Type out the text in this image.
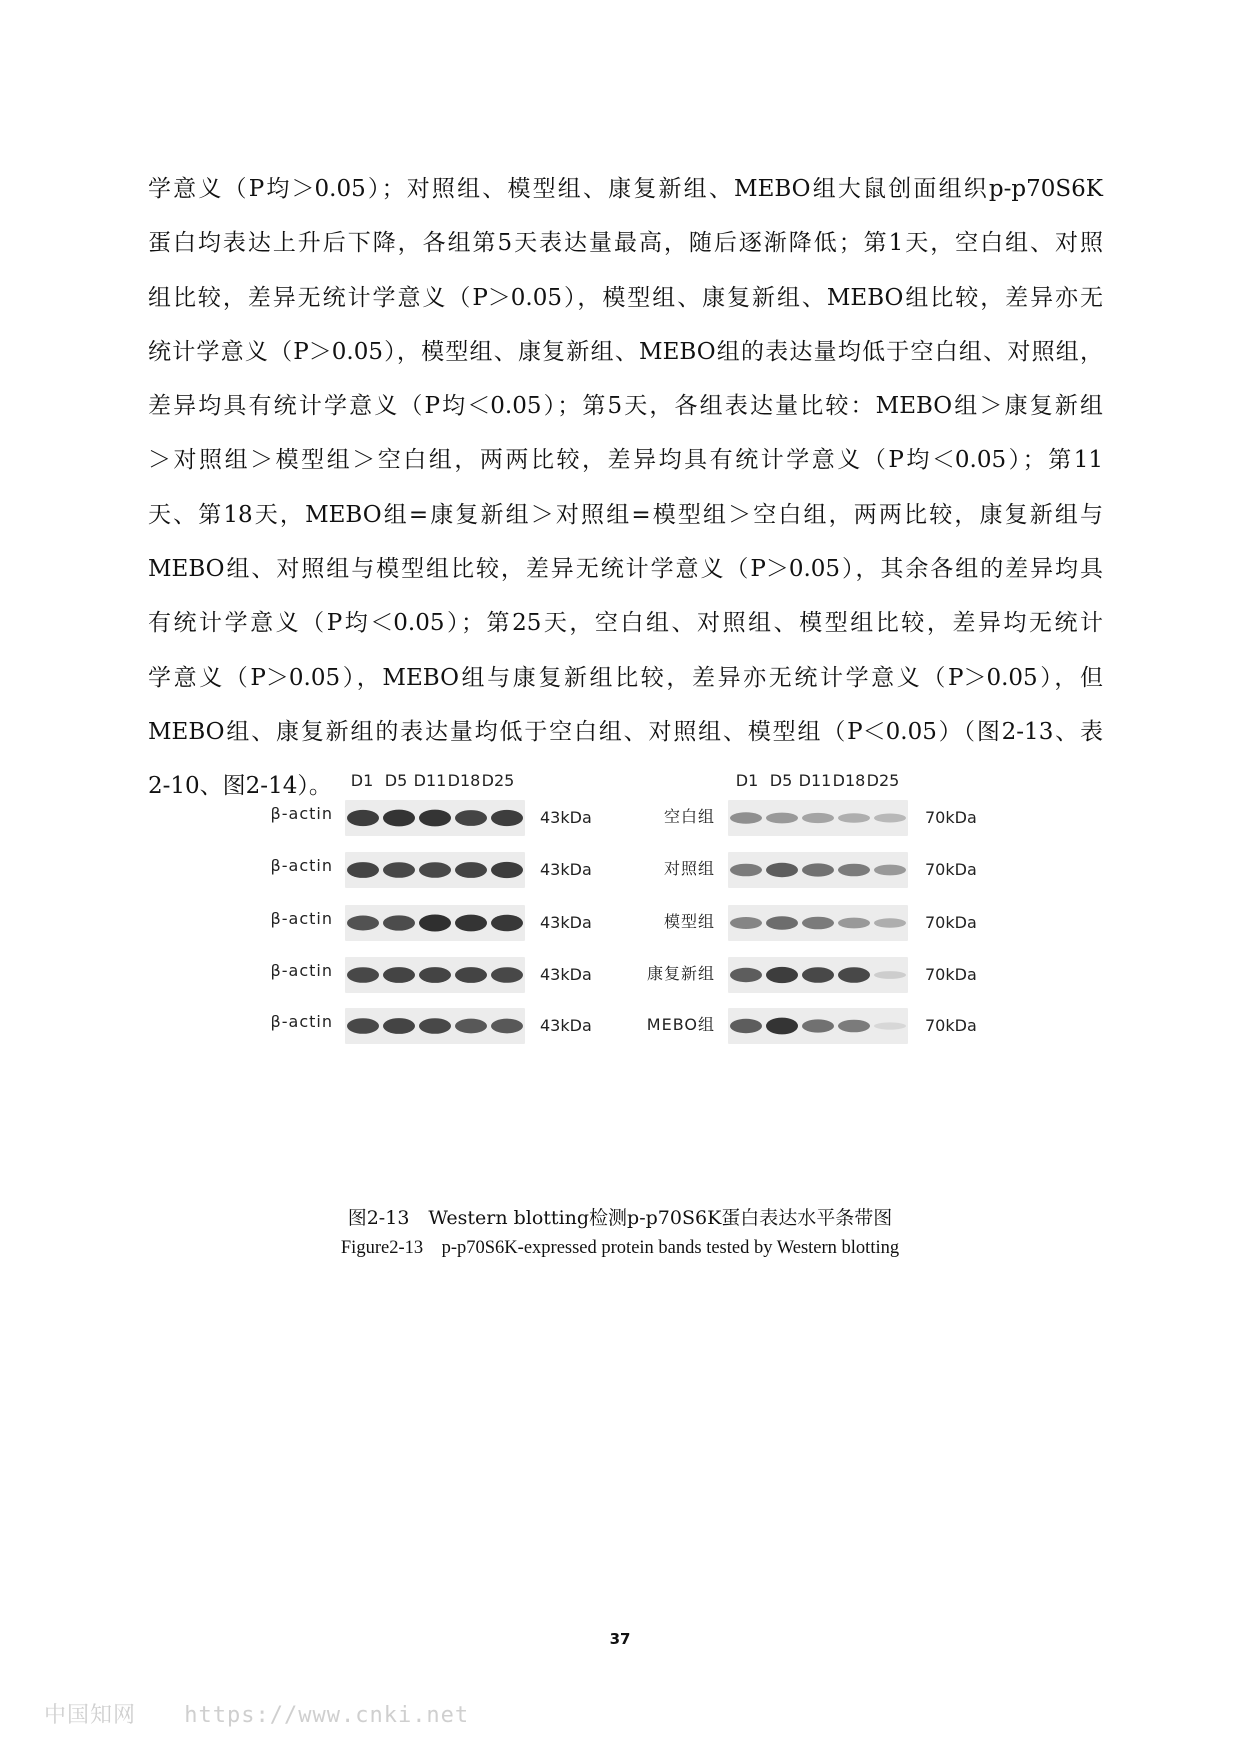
学意义（P均＞0.05）；对照组、模型组、康复新组、MEBO组大鼠创面组织p-p70S6K
蛋白均表达上升后下降，各组第5天表达量最高，随后逐渐降低；第1天，空白组、对照
组比较，差异无统计学意义（P＞0.05），模型组、康复新组、MEBO组比较，差异亦无
统计学意义（P＞0.05），模型组、康复新组、MEBO组的表达量均低于空白组、对照组，
差异均具有统计学意义（P均＜0.05）；第5天，各组表达量比较：MEBO组＞康复新组
＞对照组＞模型组＞空白组，两两比较，差异均具有统计学意义（P均＜0.05）；第11
天、第18天，MEBO组=康复新组＞对照组=模型组＞空白组，两两比较，康复新组与
MEBO组、对照组与模型组比较，差异无统计学意义（P＞0.05），其余各组的差异均具
有统计学意义（P均＜0.05）；第25天，空白组、对照组、模型组比较，差异均无统计
学意义（P＞0.05），MEBO组与康复新组比较，差异亦无统计学意义（P＞0.05），但
MEBO组、康复新组的表达量均低于空白组、对照组、模型组（P＜0.05）（图2-13、表
2-10、图2-14）。	D1 D5 D11 D18 D25	D1 D5 D11 D18 D25
β-actin	43kDa
β-actin	43kDa
β-actin	43kDa
β-actin	43kDa
β-actin	43kDa
空白组	70kDa
对照组	70kDa
模型组	70kDa
康复新组	70kDa
MEBO组	70kDa
图2-13　Western blotting检测p-p70S6K蛋白表达水平条带图
Figure2-13　p-p70S6K-expressed protein bands tested by Western blotting
37
中国知网 https://www.cnki.net
